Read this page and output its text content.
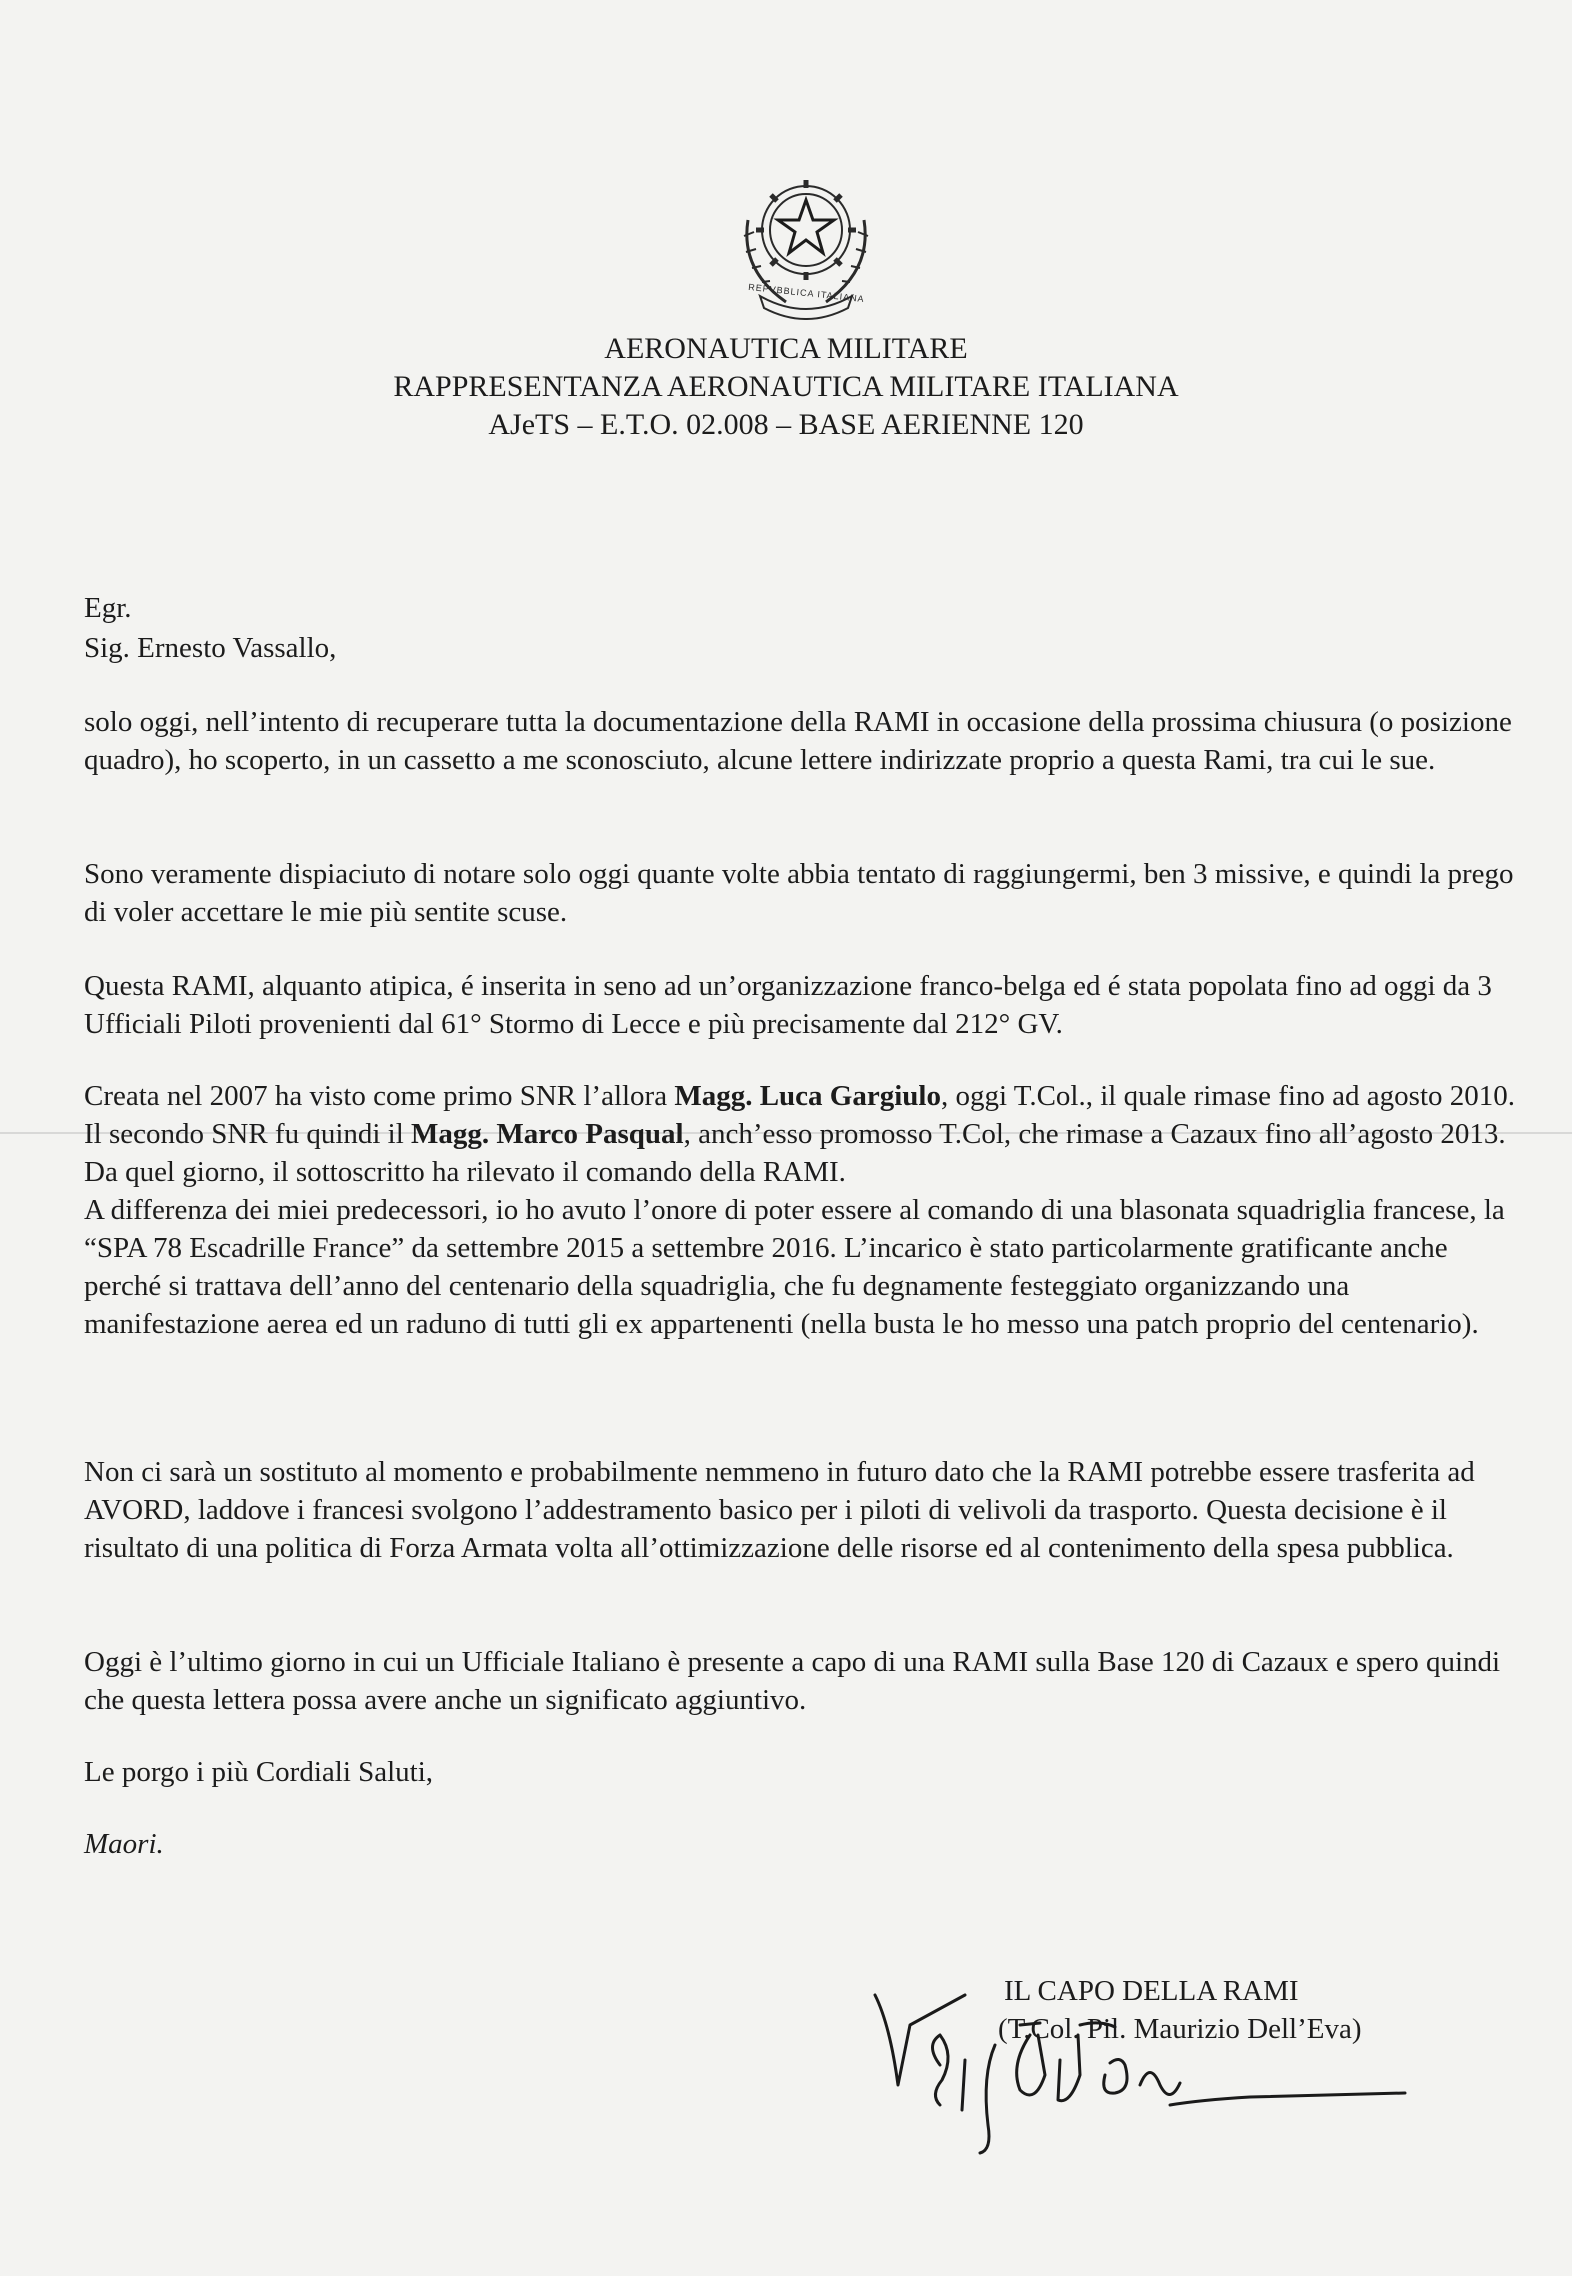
REPVBBLICA ITALIANA
AERONAUTICA MILITARE
RAPPRESENTANZA AERONAUTICA MILITARE ITALIANA
AJeTS – E.T.O. 02.008 – BASE AERIENNE 120
Egr.
Sig. Ernesto Vassallo,

solo oggi, nell’intento di recuperare tutta la documentazione della RAMI in occasione della prossima chiusura (o posizione quadro), ho scoperto, in un cassetto a me sconosciuto, alcune lettere indirizzate proprio a questa Rami, tra cui le sue.

Sono veramente dispiaciuto di notare solo oggi quante volte abbia tentato di raggiungermi, ben 3 missive, e quindi la prego di voler accettare le mie più sentite scuse.

Questa RAMI, alquanto atipica, é inserita in seno ad un’organizzazione franco-belga ed é stata popolata fino ad oggi da 3 Ufficiali Piloti provenienti dal 61° Stormo di Lecce e più precisamente dal 212° GV.

Creata nel 2007 ha visto come primo SNR l’allora Magg. Luca Gargiulo, oggi T.Col., il quale rimase fino ad agosto 2010. Il secondo SNR fu quindi il Magg. Marco Pasqual, anch’esso promosso T.Col, che rimase a Cazaux fino all’agosto 2013.

Da quel giorno, il sottoscritto ha rilevato il comando della RAMI.

A differenza dei miei predecessori, io ho avuto l’onore di poter essere al comando di una blasonata squadriglia francese, la “SPA 78 Escadrille France” da settembre 2015 a settembre 2016. L’incarico è stato particolarmente gratificante anche perché si trattava dell’anno del centenario della squadriglia, che fu degnamente festeggiato organizzando una manifestazione aerea ed un raduno di tutti gli ex appartenenti (nella busta le ho messo una patch proprio del centenario).

Non ci sarà un sostituto al momento e probabilmente nemmeno in futuro dato che la RAMI potrebbe essere trasferita ad AVORD, laddove i francesi svolgono l’addestramento basico per i piloti di velivoli da trasporto. Questa decisione è il risultato di una politica di Forza Armata volta all’ottimizzazione delle risorse ed al contenimento della spesa pubblica.

Oggi è l’ultimo giorno in cui un Ufficiale Italiano è presente a capo di una RAMI sulla Base 120 di Cazaux e spero quindi che questa lettera possa avere anche un significato aggiuntivo.

Le porgo i più Cordiali Saluti,
Maori.
IL CAPO DELLA RAMI
(T.Col. Pil. Maurizio Dell’Eva)
